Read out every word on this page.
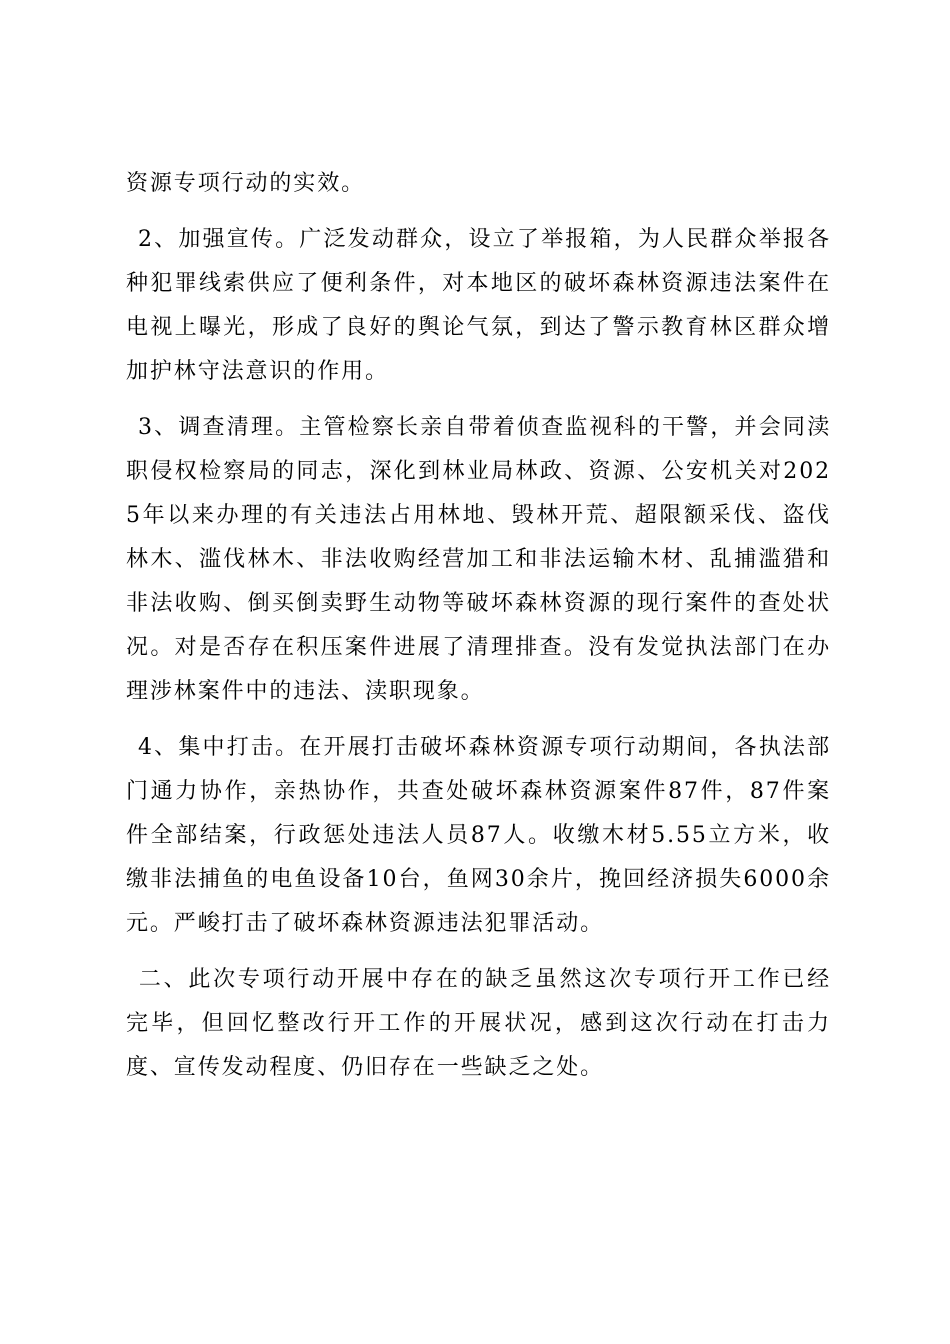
资源专项行动的实效。

2、加强宣传。广泛发动群众，设立了举报箱，为人民群众举报各种犯罪线索供应了便利条件，对本地区的破坏森林资源违法案件在电视上曝光，形成了良好的舆论气氛，到达了警示教育林区群众增加护林守法意识的作用。

3、调查清理。主管检察长亲自带着侦查监视科的干警，并会同渎职侵权检察局的同志，深化到林业局林政、资源、公安机关对2025年以来办理的有关违法占用林地、毁林开荒、超限额采伐、盗伐林木、滥伐林木、非法收购经营加工和非法运输木材、乱捕滥猎和非法收购、倒买倒卖野生动物等破坏森林资源的现行案件的查处状况。对是否存在积压案件进展了清理排查。没有发觉执法部门在办理涉林案件中的违法、渎职现象。

4、集中打击。在开展打击破坏森林资源专项行动期间，各执法部门通力协作，亲热协作，共查处破坏森林资源案件87件，87件案件全部结案，行政惩处违法人员87人。收缴木材5.55立方米，收缴非法捕鱼的电鱼设备10台，鱼网30余片，挽回经济损失6000余元。严峻打击了破坏森林资源违法犯罪活动。

二、此次专项行动开展中存在的缺乏虽然这次专项行开工作已经完毕，但回忆整改行开工作的开展状况，感到这次行动在打击力度、宣传发动程度、仍旧存在一些缺乏之处。
